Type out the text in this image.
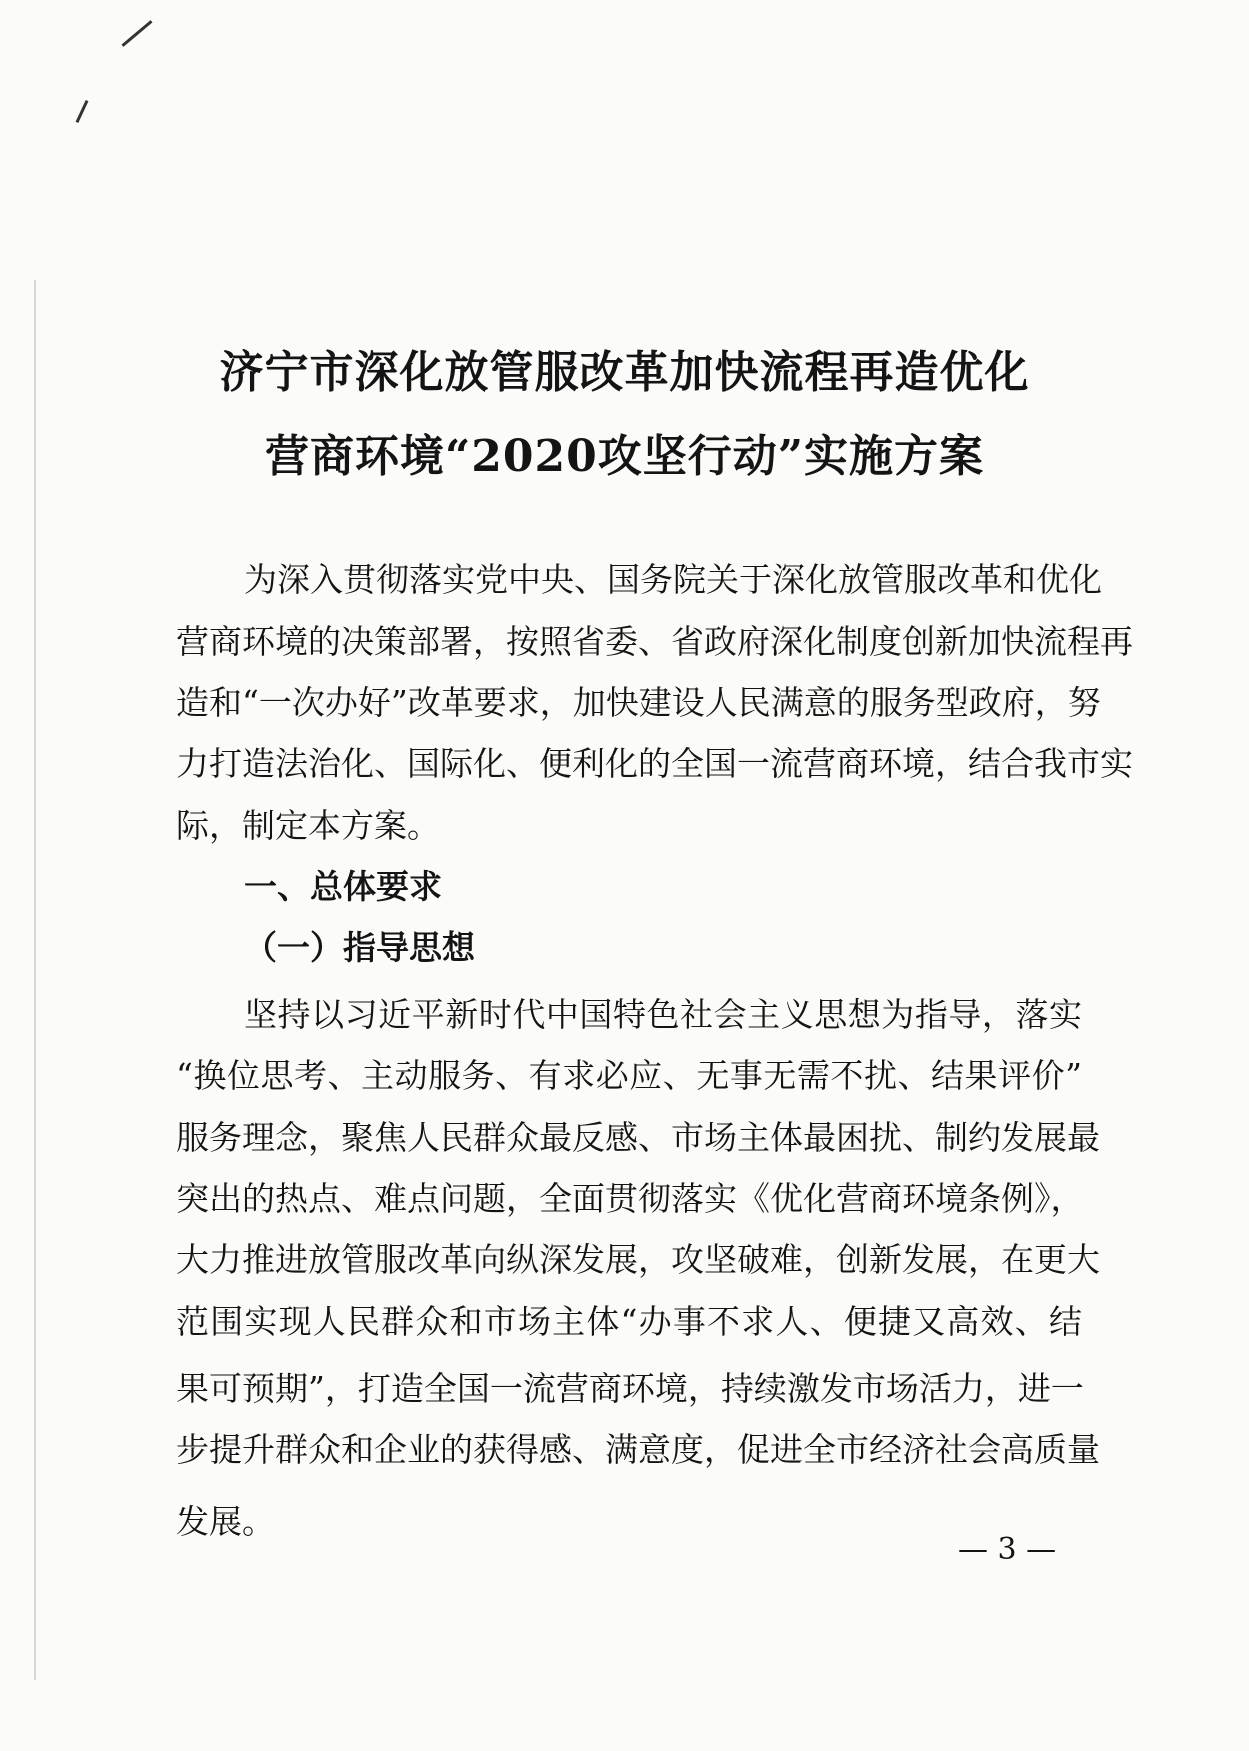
济宁市深化放管服改革加快流程再造优化
营商环境“2020攻坚行动”实施方案
为深入贯彻落实党中央、国务院关于深化放管服改革和优化
营商环境的决策部署，按照省委、省政府深化制度创新加快流程再
造和“一次办好”改革要求，加快建设人民满意的服务型政府，努
力打造法治化、国际化、便利化的全国一流营商环境，结合我市实
际，制定本方案。
一、总体要求
（一）指导思想
坚持以习近平新时代中国特色社会主义思想为指导，落实
“换位思考、主动服务、有求必应、无事无需不扰、结果评价”
服务理念，聚焦人民群众最反感、市场主体最困扰、制约发展最
突出的热点、难点问题，全面贯彻落实《优化营商环境条例》，
大力推进放管服改革向纵深发展，攻坚破难，创新发展，在更大
范围实现人民群众和市场主体“办事不求人、便捷又高效、结
果可预期”，打造全国一流营商环境，持续激发市场活力，进一
步提升群众和企业的获得感、满意度，促进全市经济社会高质量
发展。
— 3 —
